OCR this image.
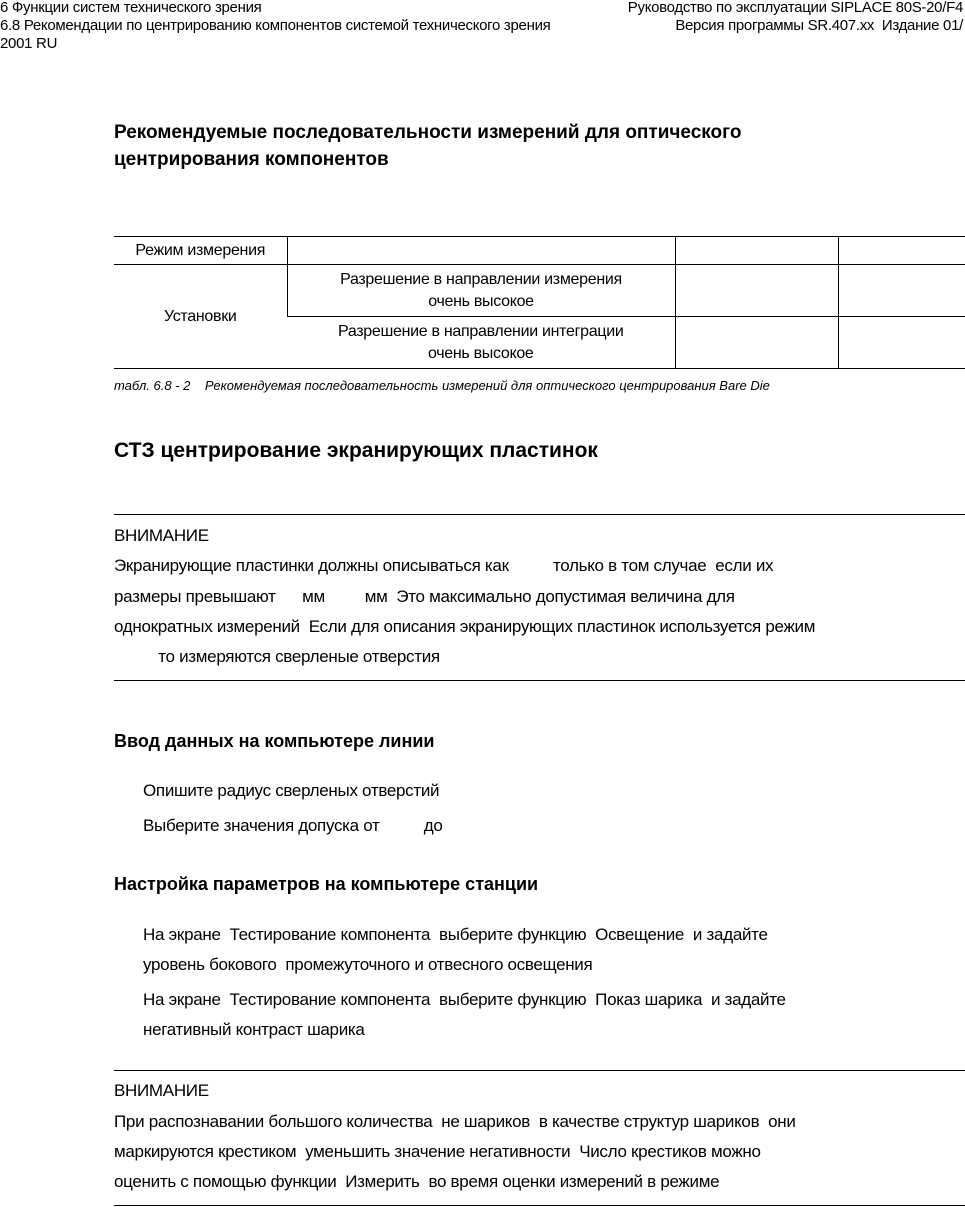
6 Функции систем технического зрения	Руководство по эксплуатации SIPLACE 80S-20/F4
6.8 Рекомендации по центрированию компонентов системой технического зрения	Версия программы SR.407.xx  Издание 01/
2001 RU
Рекомендуемые последовательности измерений для оптического
центрирования компонентов
Режим измерения			
Установки	Разрешение в направлении измерения
очень высокое		

	Разрешение в направлении интеграции
очень высокое		

табл. 6.8 - 2 Рекомендуемая последовательность измерений для оптического центрирования Bare Die
СТЗ центрирование экранирующих пластинок
ВНИМАНИЕ
Экранирующие пластинки должны описываться как          только в том случае  если их
размеры превышают      мм         мм  Это максимально допустимая величина для
однократных измерений  Если для описания экранирующих пластинок используется режим
то измеряются сверленые отверстия
Ввод данных на компьютере линии
Опишите радиус сверленых отверстий
Выберите значения допуска от          до
Настройка параметров на компьютере станции
На экране  Тестирование компонента  выберите функцию  Освещение  и задайте
уровень бокового  промежуточного и отвесного освещения
На экране  Тестирование компонента  выберите функцию  Показ шарика  и задайте
негативный контраст шарика
ВНИМАНИЕ
При распознавании большого количества  не шариков  в качестве структур шариков  они
маркируются крестиком  уменьшить значение негативности  Число крестиков можно
оценить с помощью функции  Измерить  во время оценки измерений в режиме
